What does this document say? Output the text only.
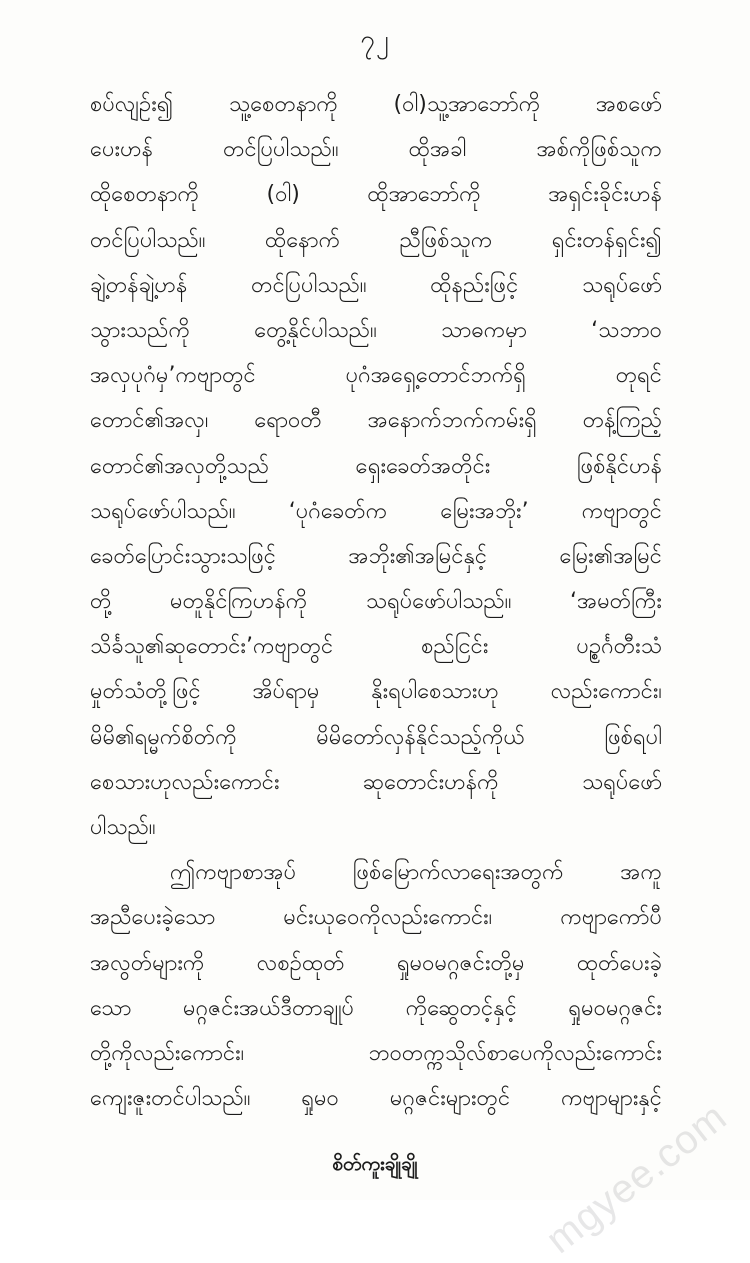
၇၂
စပ်လျဉ်း၍ သူ့စေတနာကို (ဝါ)သူ့အာဘော်ကို အစဖော်
ပေးဟန် တင်ပြပါသည်။ ထိုအခါ အစ်ကိုဖြစ်သူက
ထိုစေတနာကို (ဝါ) ထိုအာဘော်ကို အရှင်းခိုင်းဟန်
တင်ပြပါသည်။ ထိုနောက် ညီဖြစ်သူက ရှင်းတန်ရှင်း၍
ချဲ့တန်ချဲ့ဟန် တင်ပြပါသည်။ ထိုနည်းဖြင့် သရုပ်ဖော်
သွားသည်ကို တွေ့နိုင်ပါသည်။ သာဓကမှာ ‘သဘာဝ
အလှပုဂံမှ’ကဗျာတွင် ပုဂံအရှေ့တောင်ဘက်ရှိ တုရင်
တောင်၏အလှ၊ ရောဝတီ အနောက်ဘက်ကမ်းရှိ တန့်ကြည့်
တောင်၏အလှတို့သည် ရှေးခေတ်အတိုင်း ဖြစ်နိုင်ဟန်
သရုပ်ဖော်ပါသည်။ ‘ပုဂံခေတ်က မြေးအဘိုး’ ကဗျာတွင်
ခေတ်ပြောင်းသွားသဖြင့် အဘိုး၏အမြင်နှင့် မြေး၏အမြင်
တို့ မတူနိုင်ကြဟန်ကို သရုပ်ဖော်ပါသည်။ ‘အမတ်ကြီး
သိင်္ခသူ၏ဆုတောင်း’ကဗျာတွင် စည်ငြင်း ပဉ္စင်္ဂတီးသံ
မှုတ်သံတို့ဖြင့် အိပ်ရာမှ နိုးရပါစေသားဟု လည်းကောင်း၊
မိမိ၏ရမ္မက်စိတ်ကို မိမိတော်လှန်နိုင်သည့်ကိုယ် ဖြစ်ရပါ
စေသားဟုလည်းကောင်း ဆုတောင်းဟန်ကို သရုပ်ဖော်
ပါသည်။
ဤကဗျာစာအုပ် ဖြစ်မြောက်လာရေးအတွက် အကူ
အညီပေးခဲ့သော မင်းယုဝေကိုလည်းကောင်း၊ ကဗျာကော်ပီ
အလွတ်များကို လစဉ်ထုတ် ရှုမဝမဂ္ဂဇင်းတို့မှ ထုတ်ပေးခဲ့
သော မဂ္ဂဇင်းအယ်ဒီတာချုပ် ကိုဆွေတင့်နှင့် ရှုမဝမဂ္ဂဇင်း
တို့ကိုလည်းကောင်း၊ ဘဝတက္ကသိုလ်စာပေကိုလည်းကောင်း
ကျေးဇူးတင်ပါသည်။ ရှုမဝ မဂ္ဂဇင်းများတွင် ကဗျာများနှင့်
mgyee.com
စိတ်ကူးချိုချို
